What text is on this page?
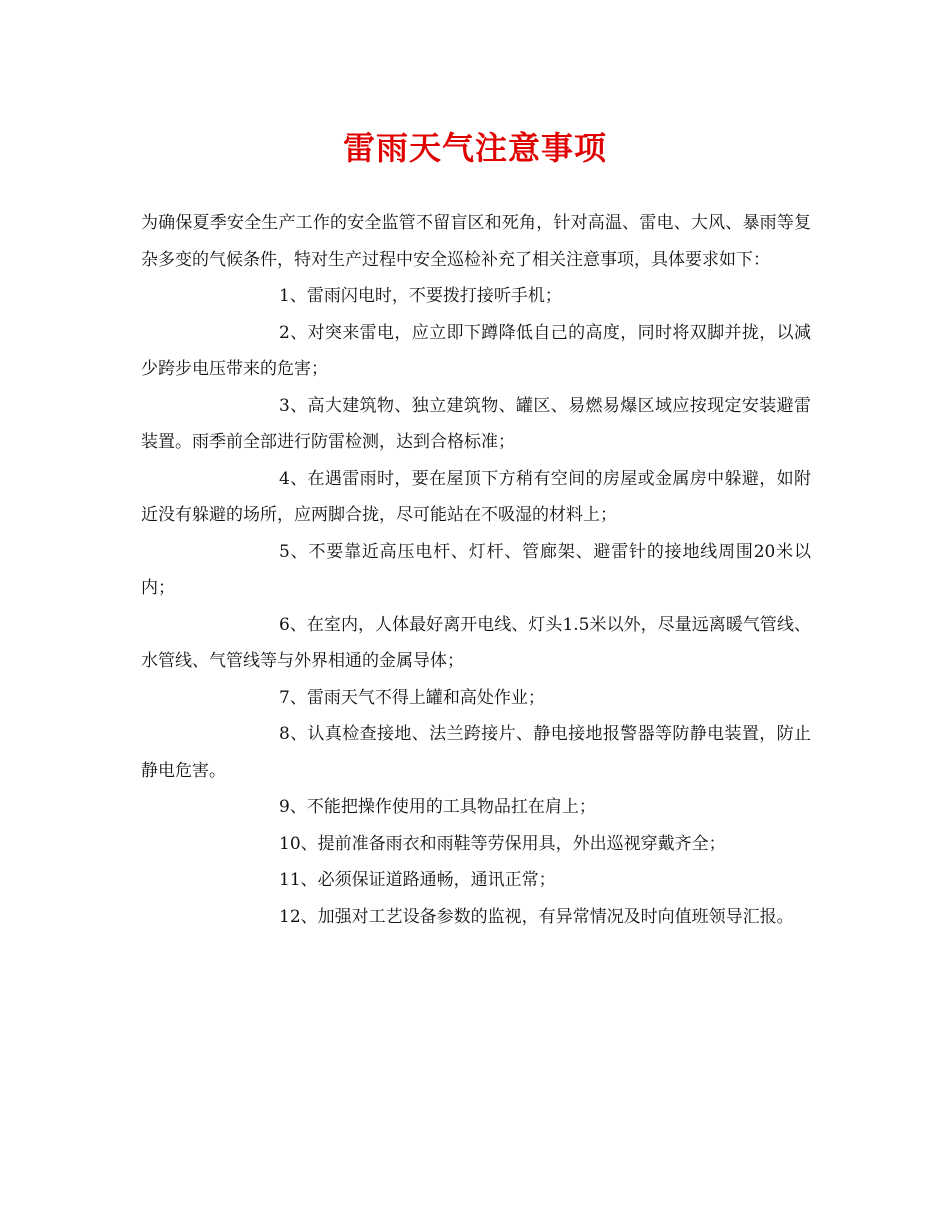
雷雨天气注意事项

为确保夏季安全生产工作的安全监管不留盲区和死角，针对高温、雷电、大风、暴雨等复杂多变的气候条件，特对生产过程中安全巡检补充了相关注意事项，具体要求如下：

1、雷雨闪电时，不要拨打接听手机；

2、对突来雷电，应立即下蹲降低自己的高度，同时将双脚并拢，以减少跨步电压带来的危害；

3、高大建筑物、独立建筑物、罐区、易燃易爆区域应按现定安装避雷装置。雨季前全部进行防雷检测，达到合格标准；

4、在遇雷雨时，要在屋顶下方稍有空间的房屋或金属房中躲避，如附近没有躲避的场所，应两脚合拢，尽可能站在不吸湿的材料上；

5、不要靠近高压电杆、灯杆、管廊架、避雷针的接地线周围20米以内；

6、在室内，人体最好离开电线、灯头1.5米以外，尽量远离暖气管线、水管线、气管线等与外界相通的金属导体；

7、雷雨天气不得上罐和高处作业；

8、认真检查接地、法兰跨接片、静电接地报警器等防静电装置，防止静电危害。

9、不能把操作使用的工具物品扛在肩上；

10、提前准备雨衣和雨鞋等劳保用具，外出巡视穿戴齐全；

11、必须保证道路通畅，通讯正常；

12、加强对工艺设备参数的监视，有异常情况及时向值班领导汇报。
